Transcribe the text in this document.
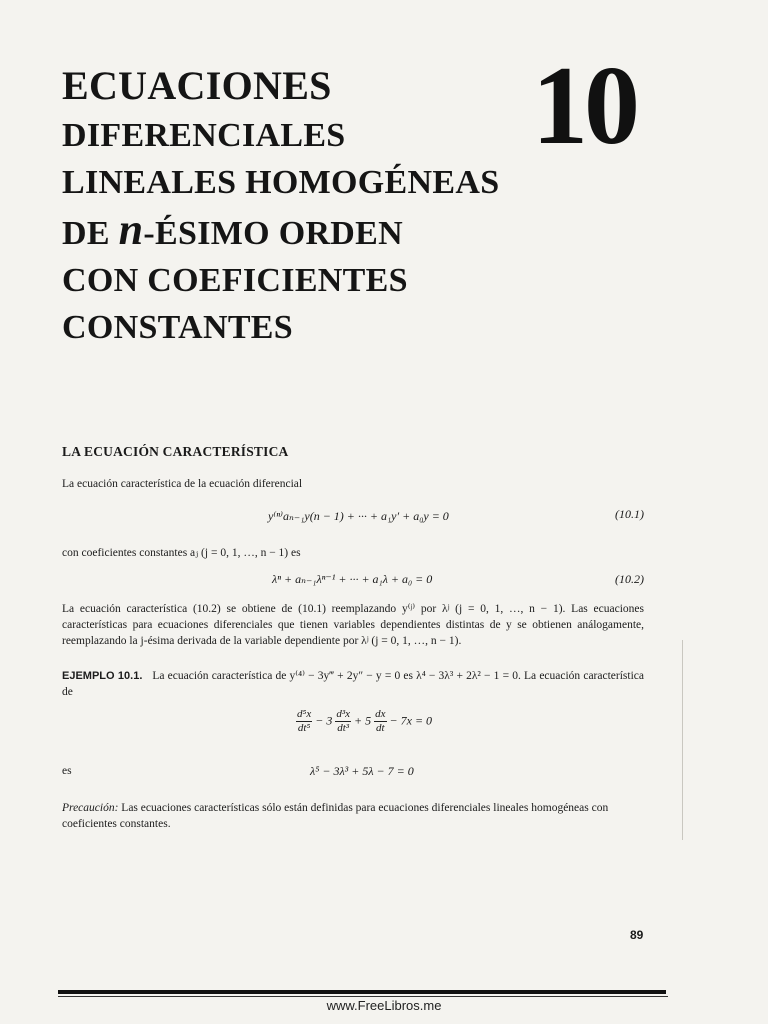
ECUACIONES
DIFERENCIALES
LINEALES HOMOGÉNEAS
DE n-ÉSIMO ORDEN
CON COEFICIENTES
CONSTANTES
10
LA ECUACIÓN CARACTERÍSTICA
La ecuación característica de la ecuación diferencial
y⁽ⁿ⁾aₙ₋₁y(n − 1) + ··· + a₁y′ + a₀y = 0	(10.1)
con coeficientes constantes aⱼ (j = 0, 1, …, n − 1) es
λⁿ + aₙ₋₁λⁿ⁻¹ + ··· + a₁λ + a₀ = 0	(10.2)
La ecuación característica (10.2) se obtiene de (10.1) reemplazando y⁽ʲ⁾ por λʲ (j = 0, 1, …, n − 1). Las ecuaciones características para ecuaciones diferenciales que tienen variables dependientes distintas de y se obtienen análogamente, reemplazando la j-ésima derivada de la variable dependiente por λʲ (j = 0, 1, …, n − 1).
EJEMPLO 10.1. La ecuación característica de y⁽⁴⁾ − 3y‴ + 2y″ − y = 0 es λ⁴ − 3λ³ + 2λ² − 1 = 0. La ecuación característica de
$\frac{\text{d⁵x}}{\text{dt⁵}} - 3 \frac{\text{d³x}}{\text{dt³}} + 5 \frac{dx}{dt} - 7x = 0$
es	λ⁵ − 3λ³ + 5λ − 7 = 0
Precaución: Las ecuaciones características sólo están definidas para ecuaciones diferenciales lineales homogéneas con coeficientes constantes.
89
www.FreeLibros.me
